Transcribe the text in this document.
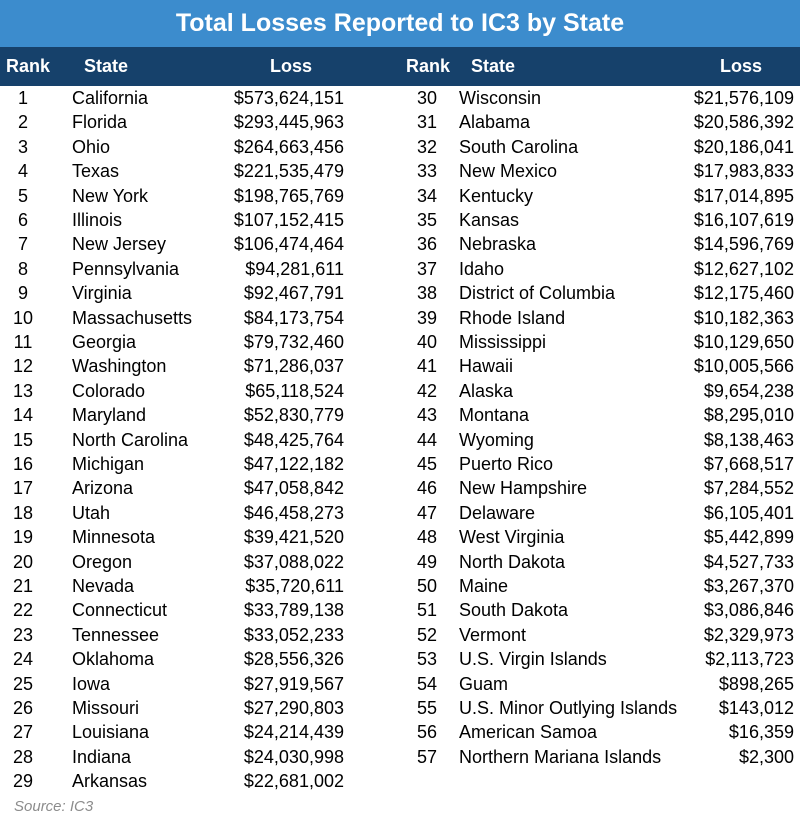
Total Losses Reported to IC3 by State
Rank State	Loss	Rank State	Loss
1	California	$573,624,151	30	Wisconsin	$21,576,109
2	Florida	$293,445,963	31	Alabama	$20,586,392
3	Ohio	$264,663,456	32	South Carolina	$20,186,041
4	Texas	$221,535,479	33	New Mexico	$17,983,833
5	New York	$198,765,769	34	Kentucky	$17,014,895
6	Illinois	$107,152,415	35	Kansas	$16,107,619
7	New Jersey	$106,474,464	36	Nebraska	$14,596,769
8	Pennsylvania	$94,281,611	37	Idaho	$12,627,102
9	Virginia	$92,467,791	38	District of Columbia	$12,175,460
10	Massachusetts	$84,173,754	39	Rhode Island	$10,182,363
11	Georgia	$79,732,460	40	Mississippi	$10,129,650
12	Washington	$71,286,037	41	Hawaii	$10,005,566
13	Colorado	$65,118,524	42	Alaska	$9,654,238
14	Maryland	$52,830,779	43	Montana	$8,295,010
15	North Carolina	$48,425,764	44	Wyoming	$8,138,463
16	Michigan	$47,122,182	45	Puerto Rico	$7,668,517
17	Arizona	$47,058,842	46	New Hampshire	$7,284,552
18	Utah	$46,458,273	47	Delaware	$6,105,401
19	Minnesota	$39,421,520	48	West Virginia	$5,442,899
20	Oregon	$37,088,022	49	North Dakota	$4,527,733
21	Nevada	$35,720,611	50	Maine	$3,267,370
22	Connecticut	$33,789,138	51	South Dakota	$3,086,846
23	Tennessee	$33,052,233	52	Vermont	$2,329,973
24	Oklahoma	$28,556,326	53	U.S. Virgin Islands	$2,113,723
25	Iowa	$27,919,567	54	Guam	$898,265
26	Missouri	$27,290,803	55	U.S. Minor Outlying Islands	$143,012
27	Louisiana	$24,214,439	56	American Samoa	$16,359
28	Indiana	$24,030,998	57	Northern Mariana Islands	$2,300
29	Arkansas	$22,681,002
Source: IC3
